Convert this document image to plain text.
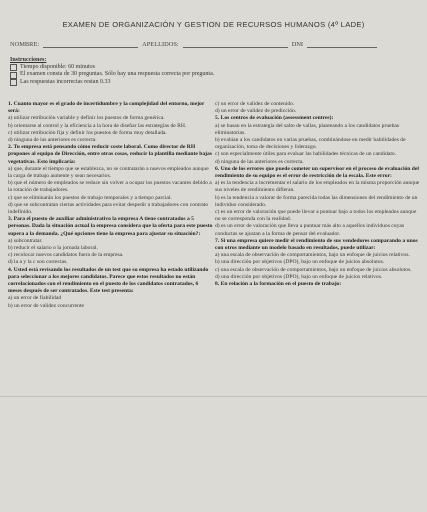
EXAMEN DE ORGANIZACIÓN Y GESTION DE RECURSOS HUMANOS (4º LADE)
NOMBRE:	APELLIDOS:	DNI
Instrucciones:
Tiempo disponible: 60 minutos
El examen consta de 30 preguntas. Sólo hay una respuesta correcta por pregunta.
Las respuestas incorrectas restan 0.33
1. Cuanto mayor es el grado de incertidumbre y la complejidad del entorno, mejor será:
a) utilizar retribución variable y definir los puestos de forma genérica.
b) orientarse al control y la eficiencia a la hora de diseñar las estrategias de RH.
c) utilizar retribución fija y definir los puestos de forma muy detallada.
d) ninguna de las anteriores es correcta.
2. Tu empresa está pensando cómo reducir coste laboral. Como director de RH propones al equipo de Dirección, entre otras cosas, reducir la plantilla mediante bajas vegetativas. Esto implicaría:
a) que, durante el tiempo que se establezca, no se contratarán a nuevos empleados aunque la carga de trabajo aumente y sean necesarios.
b) que el número de empleados se reduce sin volver a ocupar los puestos vacantes debido a la rotación de trabajadores.
c) que se eliminarán los puestos de trabajo temporales y a tiempo parcial.
d) que se subcontratan ciertas actividades para evitar despedir a trabajadores con contrato indefinido.
3. Para el puesto de auxiliar administrativo la empresa A tiene contratados a 5 personas. Dada la situación actual la empresa considera que la oferta para este puesto supera a la demanda. ¿Qué opciones tiene la empresa para ajustar su situación?:
a) subcontratar.
b) reducir el salario o la jornada laboral.
c) recolocar nuevos candidatos fuera de la empresa.
d) la a y la c son correctas.
4. Usted está revisando los resultados de un test que su empresa ha estado utilizando para seleccionar a los mejores candidatos. Parece que estos resultados no están correlacionados con el rendimiento en el puesto de los candidatos contratados, 6 meses después de ser contratados. Este test presenta:
a) un error de fiabilidad
b) un error de validez concurrente
c) un error de validez de contenido.
d) un error de validez de predicción.
5. Los centros de evaluación (assessment centres):
a) se basan en la estrategia del salto de vallas, planteando a los candidatos pruebas eliminatorias.
b) evalúan a los candidatos en varias pruebas, combinándose en medir habilidades de organización, toma de decisiones y liderazgo.
c) son especialmente útiles para evaluar las habilidades técnicas de un candidato.
d) ninguna de las anteriores es correcta.
6. Uno de los errores que puede cometer un supervisor en el proceso de evaluación del rendimiento de su equipo es el error de restricción de la escala. Este error:
a) es la tendencia a incrementar el salario de los empleados en la misma proporción aunque sus niveles de rendimiento difieran.
b) es la tendencia a valorar de forma parecida todas las dimensiones del rendimiento de un individuo considerado.
c) es un error de valoración que puede llevar a puntuar bajo a todos los empleados aunque no se corresponda con la realidad.
d) es un error de valoración que lleva a puntuar más alto a aquellos individuos cuyas conductas se ajustan a la forma de pensar del evaluador.
7. Si una empresa quiere medir el rendimiento de sus vendedores comparando a unos con otros mediante un modelo basado en resultados, puede utilizar:
a) una escala de observación de comportamientos, bajo un enfoque de juicios relativos.
b) una dirección por objetivos (DPO), bajo un enfoque de juicios absolutos.
c) una escala de observación de comportamientos, bajo un enfoque de juicios absolutos.
d) una dirección por objetivos (DPO), bajo un enfoque de juicios relativos.
8. En relación a la formación en el puesto de trabajo:
